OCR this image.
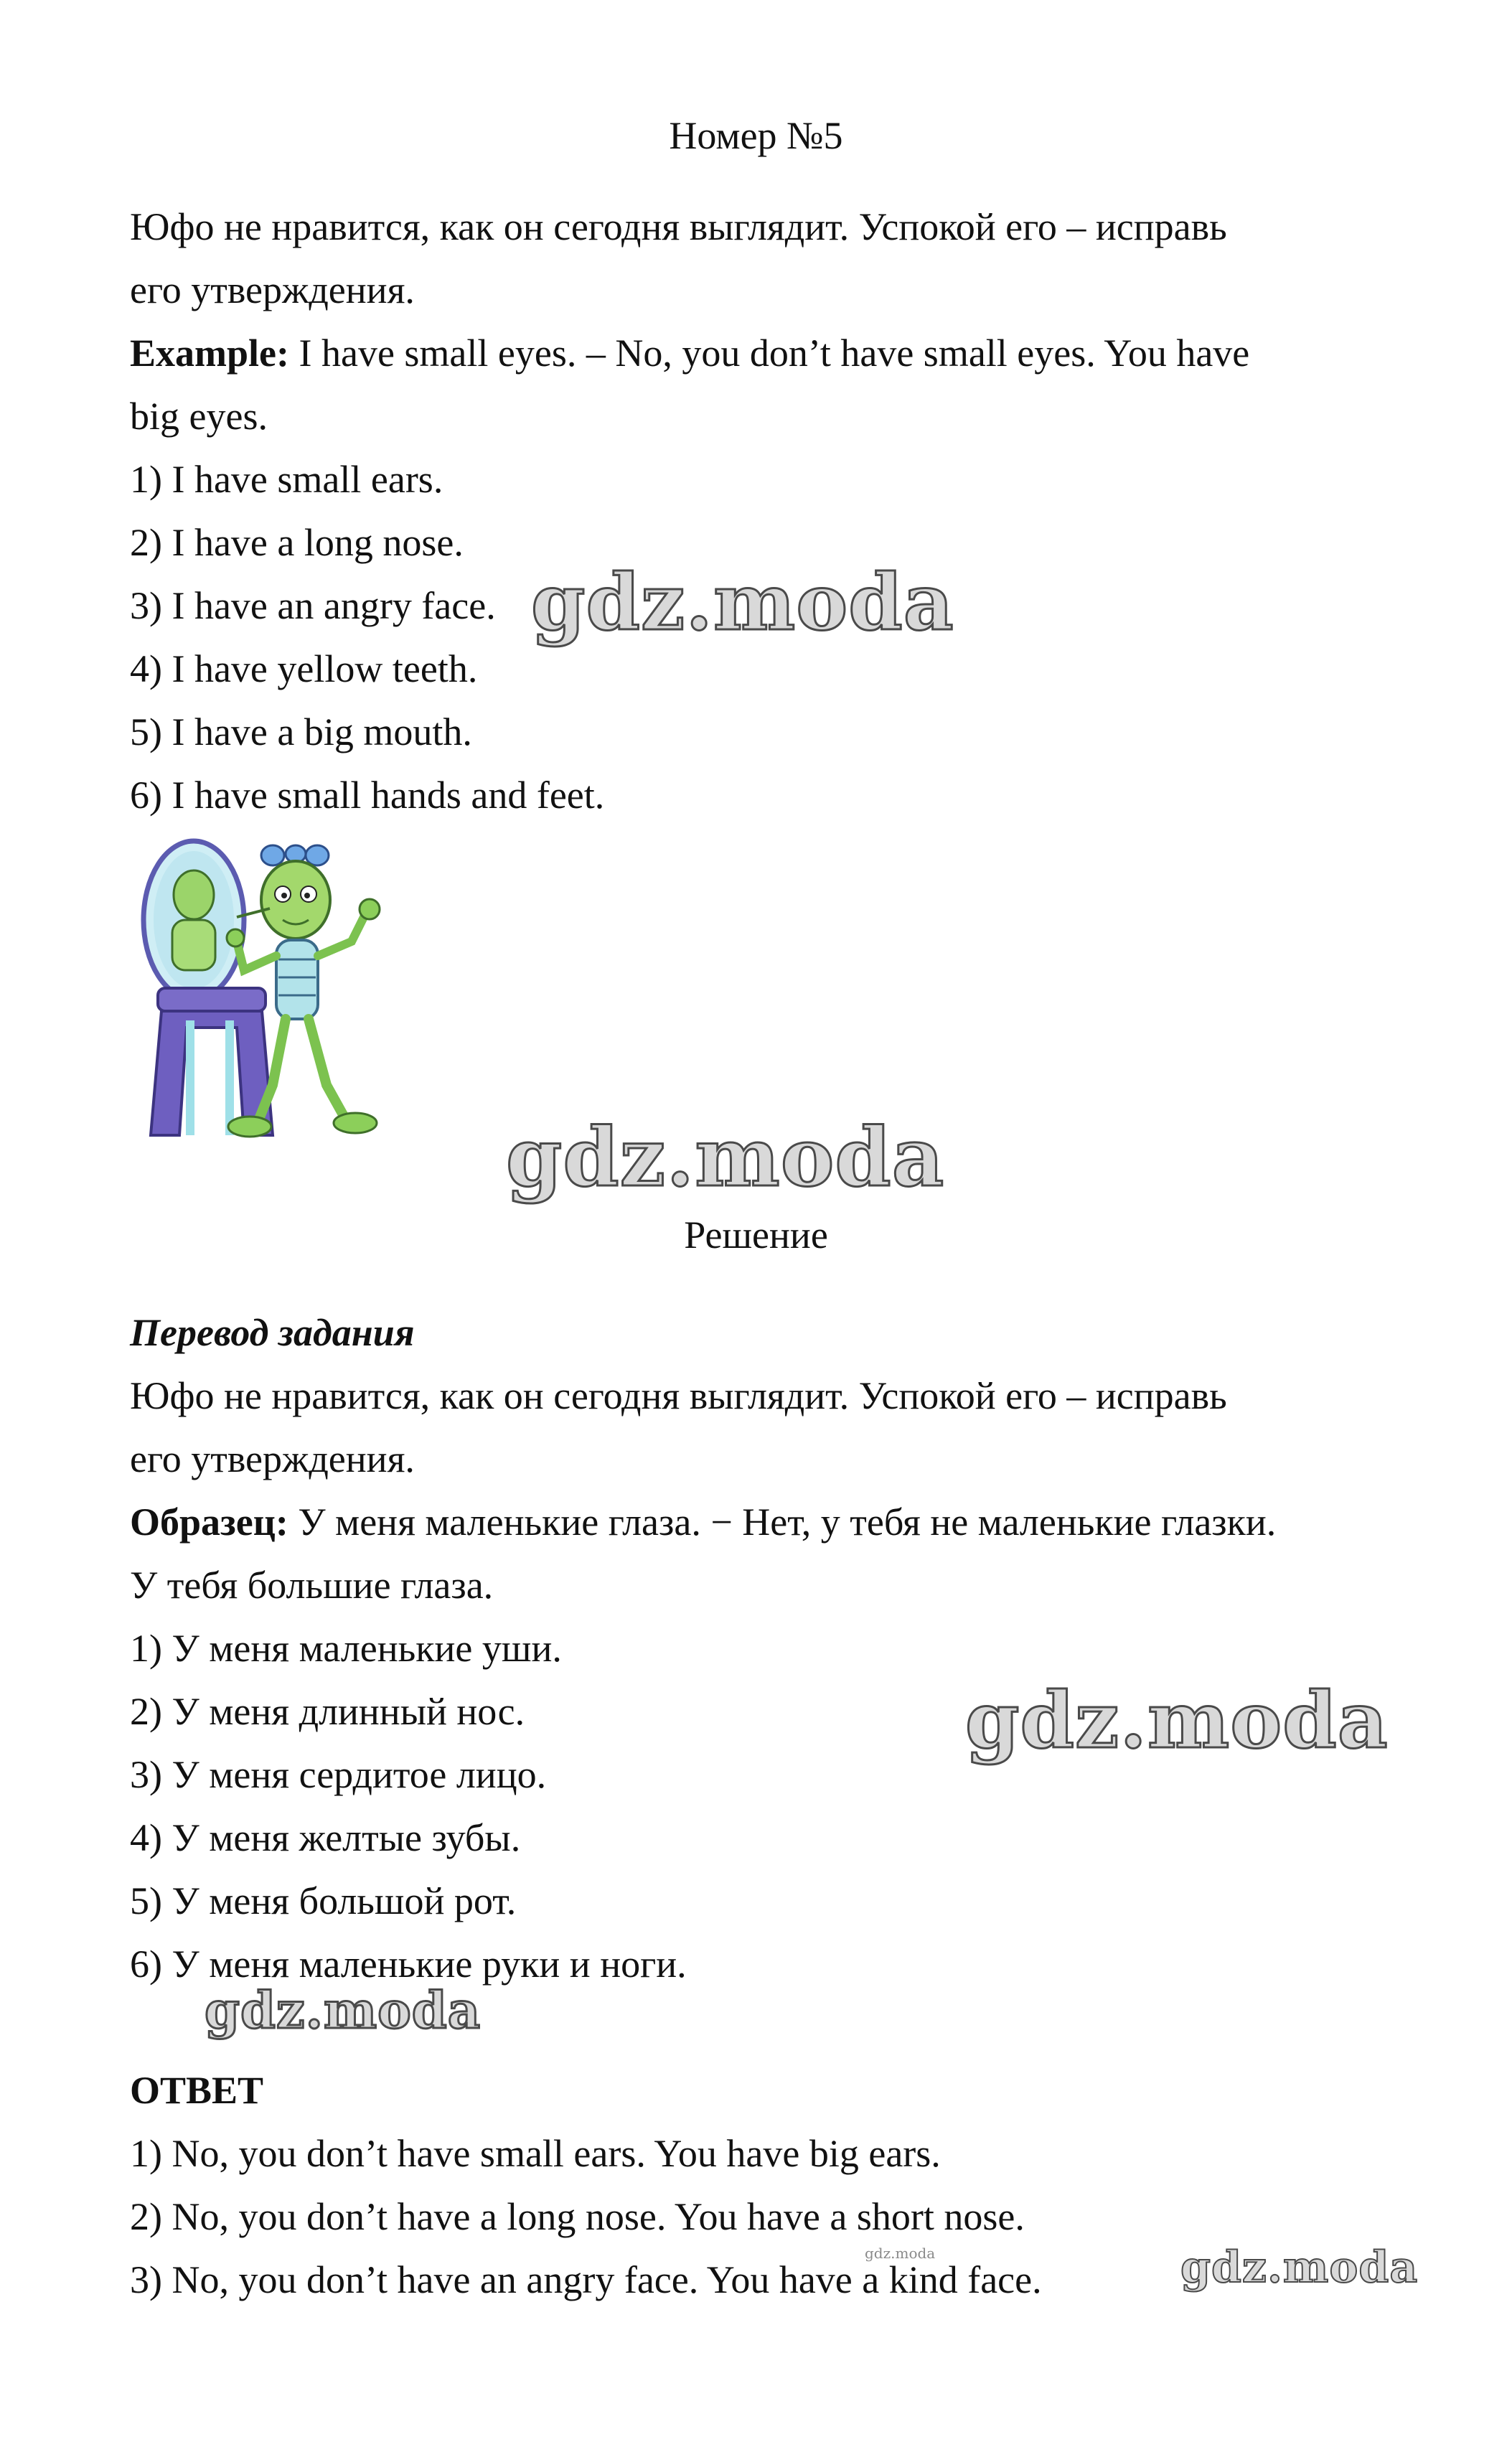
Номер №5
Юфо не нравится, как он сегодня выглядит. Успокой его – исправь
его утверждения.
Example: I have small eyes. – No, you don’t have small eyes. You have
big eyes.
1) I have small ears.
2) I have a long nose.
3) I have an angry face.
4) I have yellow teeth.
5) I have a big mouth.
6) I have small hands and feet.
gdz.moda
Решение
Перевод задания
Юфо не нравится, как он сегодня выглядит. Успокой его – исправь
его утверждения.
Образец: У меня маленькие глаза. − Нет, у тебя не маленькие глазки.
У тебя большие глаза.
1) У меня маленькие уши.
2) У меня длинный нос.
3) У меня сердитое лицо.
4) У меня желтые зубы.
5) У меня большой рот.
6) У меня маленькие руки и ноги.
ОТВЕТ
1) No, you don’t have small ears. You have big ears.
2) No, you don’t have a long nose. You have a short nose.
3) No, you don’t have an angry face. You have a kind face.
gdz.moda
gdz.moda
gdz.moda
gdz.moda
gdz.moda
